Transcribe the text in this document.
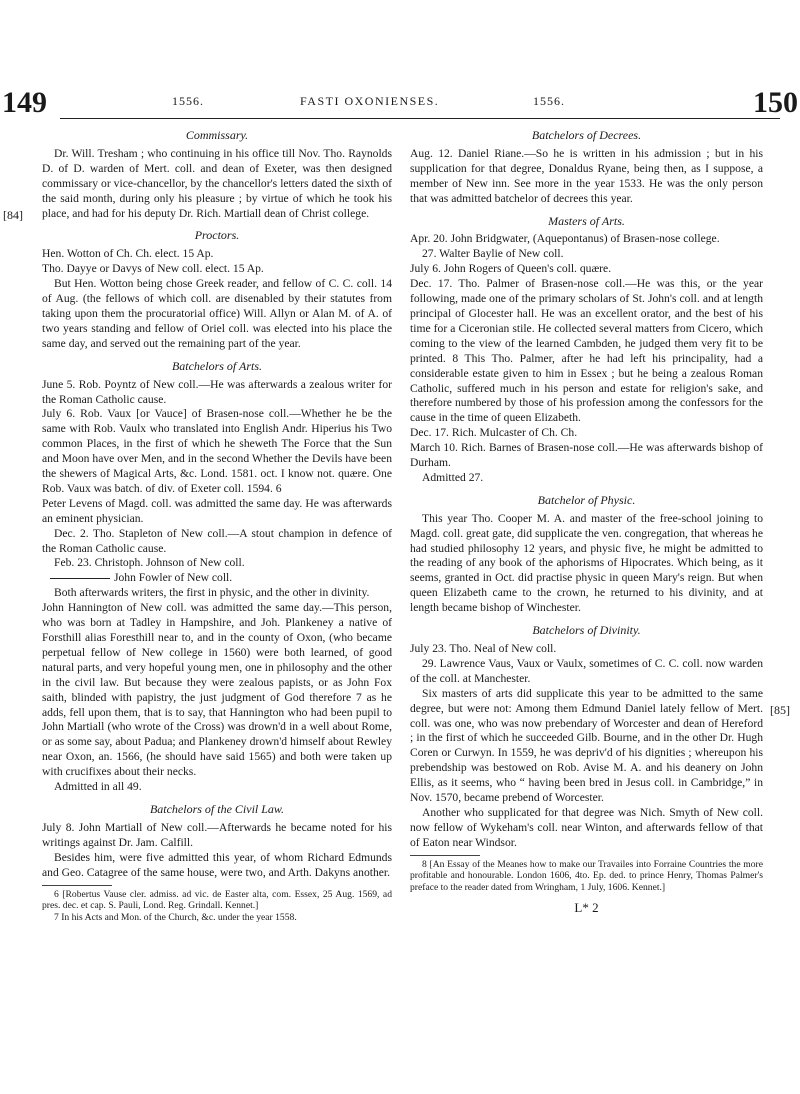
149	1556.	FASTI OXONIENSES.	1556.	150
[84]
[85]
Commissary.

Dr. Will. Tresham ; who continuing in his office till Nov. Tho. Raynolds D. of D. warden of Mert. coll. and dean of Exeter, was then designed commissary or vice-chancellor, by the chancellor's letters dated the sixth of the said month, during only his pleasure ; by virtue of which he took his place, and had for his deputy Dr. Rich. Martiall dean of Christ college.

Proctors.

Hen. Wotton of Ch. Ch. elect. 15 Ap.

Tho. Dayye or Davys of New coll. elect. 15 Ap.

But Hen. Wotton being chose Greek reader, and fellow of C. C. coll. 14 of Aug. (the fellows of which coll. are disenabled by their statutes from taking upon them the procuratorial office) Will. Allyn or Alan M. of A. of two years standing and fellow of Oriel coll. was elected into his place the same day, and served out the remaining part of the year.

Batchelors of Arts.

June 5. Rob. Poyntz of New coll.—He was afterwards a zealous writer for the Roman Catholic cause.

July 6. Rob. Vaux [or Vauce] of Brasen-nose coll.—Whether he be the same with Rob. Vaulx who translated into English Andr. Hiperius his Two common Places, in the first of which he sheweth The Force that the Sun and Moon have over Men, and in the second Whether the Devils have been the shewers of Magical Arts, &c. Lond. 1581. oct. I know not. quære. One Rob. Vaux was batch. of div. of Exeter coll. 1594. 6

Peter Levens of Magd. coll. was admitted the same day. He was afterwards an eminent physician.

Dec. 2. Tho. Stapleton of New coll.—A stout champion in defence of the Roman Catholic cause.

Feb. 23. Christoph. Johnson of New coll.

John Fowler of New coll.

Both afterwards writers, the first in physic, and the other in divinity.

John Hannington of New coll. was admitted the same day.—This person, who was born at Tadley in Hampshire, and Joh. Plankeney a native of Forsthill alias Foresthill near to, and in the county of Oxon, (who became perpetual fellow of New college in 1560) were both learned, of good natural parts, and very hopeful young men, one in philosophy and the other in the civil law. But because they were zealous papists, or as John Fox saith, blinded with papistry, the just judgment of God therefore 7 as he adds, fell upon them, that is to say, that Hannington who had been pupil to John Martiall (who wrote of the Cross) was drown'd in a well about Rome, or as some say, about Padua; and Plankeney drown'd himself about Rewley near Oxon, an. 1566, (he should have said 1565) and both were taken up with crucifixes about their necks.

Admitted in all 49.

Batchelors of the Civil Law.

July 8. John Martiall of New coll.—Afterwards he became noted for his writings against Dr. Jam. Calfill.

Besides him, were five admitted this year, of whom Richard Edmunds and Geo. Catagree of the same house, were two, and Arth. Dakyns another.

6 [Robertus Vause cler. admiss. ad vic. de Easter alta, com. Essex, 25 Aug. 1569, ad pres. dec. et cap. S. Pauli, Lond. Reg. Grindall. Kennet.]

7 In his Acts and Mon. of the Church, &c. under the year 1558.

Batchelors of Decrees.

Aug. 12. Daniel Riane.—So he is written in his admission ; but in his supplication for that degree, Donaldus Ryane, being then, as I suppose, a member of New inn. See more in the year 1533. He was the only person that was admitted batchelor of decrees this year.

Masters of Arts.

Apr. 20. John Bridgwater, (Aquepontanus) of Brasen-nose college.

27. Walter Baylie of New coll.

July 6. John Rogers of Queen's coll. quære.

Dec. 17. Tho. Palmer of Brasen-nose coll.—He was this, or the year following, made one of the primary scholars of St. John's coll. and at length principal of Glocester hall. He was an excellent orator, and the best of his time for a Ciceronian stile. He collected several matters from Cicero, which coming to the view of the learned Cambden, he judged them very fit to be printed. 8 This Tho. Palmer, after he had left his principality, had a considerable estate given to him in Essex ; but he being a zealous Roman Catholic, suffered much in his person and estate for religion's sake, and therefore numbered by those of his profession among the confessors for the cause in the time of queen Elizabeth.

Dec. 17. Rich. Mulcaster of Ch. Ch.

March 10. Rich. Barnes of Brasen-nose coll.—He was afterwards bishop of Durham.

Admitted 27.

Batchelor of Physic.

This year Tho. Cooper M. A. and master of the free-school joining to Magd. coll. great gate, did supplicate the ven. congregation, that whereas he had studied philosophy 12 years, and physic five, he might be admitted to the reading of any book of the aphorisms of Hipocrates. Which being, as it seems, granted in Oct. did practise physic in queen Mary's reign. But when queen Elizabeth came to the crown, he returned to his divinity, and at length became bishop of Winchester.

Batchelors of Divinity.

July 23. Tho. Neal of New coll.

29. Lawrence Vaus, Vaux or Vaulx, sometimes of C. C. coll. now warden of the coll. at Manchester.

Six masters of arts did supplicate this year to be admitted to the same degree, but were not: Among them Edmund Daniel lately fellow of Mert. coll. was one, who was now prebendary of Worcester and dean of Hereford ; in the first of which he succeeded Gilb. Bourne, and in the other Dr. Hugh Coren or Curwyn. In 1559, he was depriv'd of his dignities ; whereupon his prebendship was bestowed on Rob. Avise M. A. and his deanery on John Ellis, as it seems, who “ having been bred in Jesus coll. in Cambridge,” in Nov. 1570, became prebend of Worcester.

Another who supplicated for that degree was Nich. Smyth of New coll. now fellow of Wykeham's coll. near Winton, and afterwards fellow of that of Eaton near Windsor.

8 [An Essay of the Meanes how to make our Travailes into Forraine Countries the more profitable and honourable. London 1606, 4to. Ep. ded. to prince Henry, Thomas Palmer's preface to the reader dated from Wringham, 1 July, 1606. Kennet.]

L* 2
